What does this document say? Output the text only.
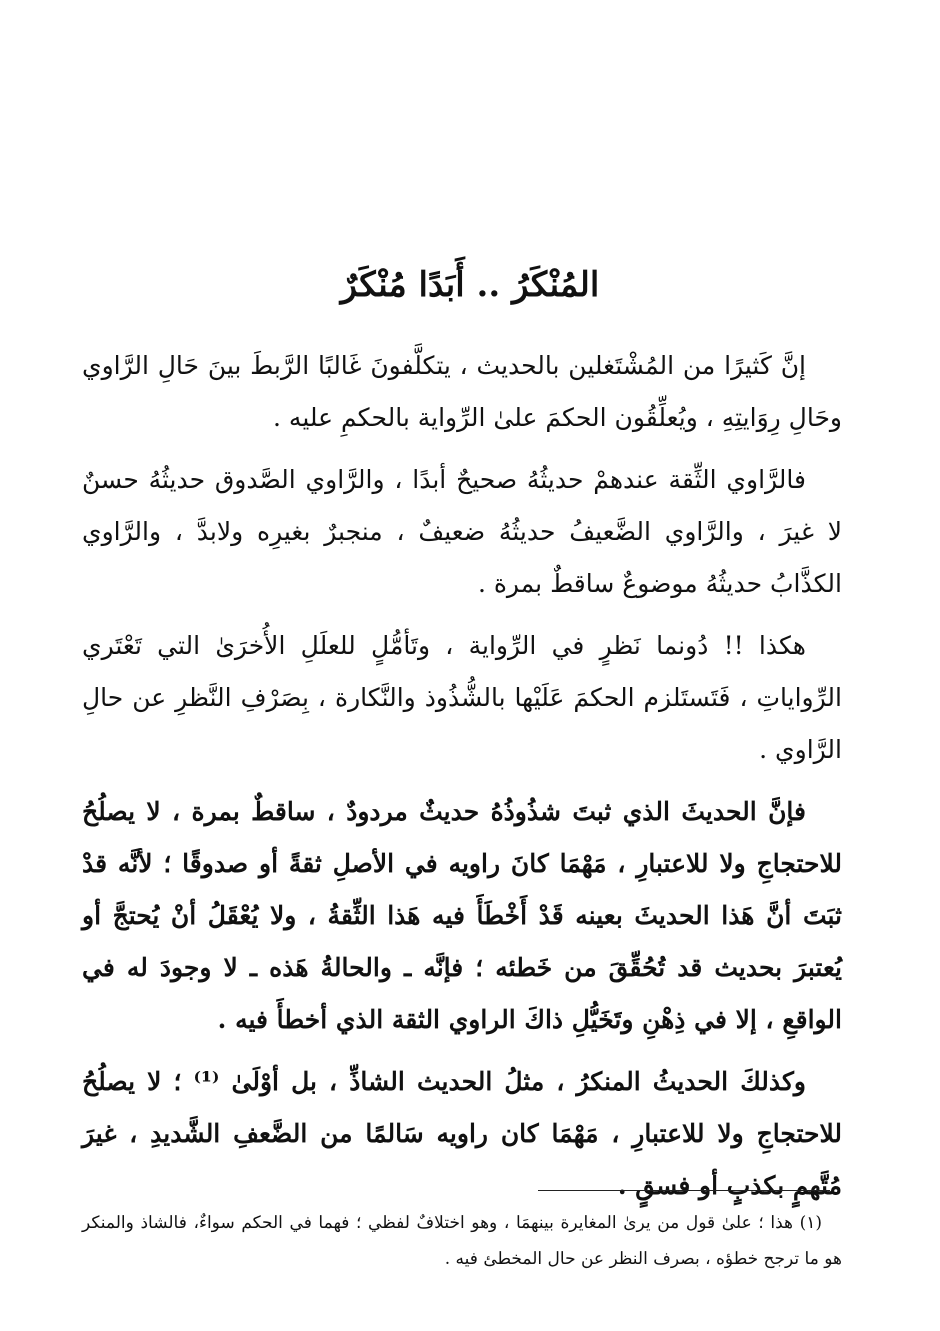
المُنْكَرُ .. أَبَدًا مُنْكَرٌ

إنَّ كَثيرًا من المُشْتَغلين بالحديث ، يتكلَّفونَ غَالبًا الرَّبطَ بينَ حَالِ الرَّاوي وحَالِ رِوَايتِهِ ، ويُعلِّقُون الحكمَ علىٰ الرِّواية بالحكمِ عليه .

فالرَّاوي الثِّقة عندهمْ حديثُهُ صحيحٌ أبدًا ، والرَّاوي الصَّدوق حديثُهُ حسنٌ لا غيرَ ، والرَّاوي الضَّعيفُ حديثُهُ ضعيفٌ ، منجبرٌ بغيرِه ولابدَّ ، والرَّاوي الكذَّابُ حديثُهُ موضوعٌ ساقطٌ بمرة .

هكذا !! دُونما نَظرٍ في الرِّواية ، وتَأمُّلٍ للعلَلِ الأُخرَىٰ التي تَعْتَري الرِّواياتِ ، فَتَستَلزم الحكمَ عَلَيْها بالشُّذُوذ والنَّكارة ، بِصَرْفِ النَّظرِ عن حالِ الرَّاوي .

فإنَّ الحديثَ الذي ثبتَ شذُوذُهُ حديثٌ مردودٌ ، ساقطٌ بمرة ، لا يصلُحُ للاحتجاجِ ولا للاعتبارِ ، مَهْمَا كانَ راويه في الأصلِ ثقةً أو صدوقًا ؛ لأنَّه قدْ ثبَتَ أنَّ هَذا الحديثَ بعينه قَدْ أَخْطَأَ فيه هَذا الثِّقةُ ، ولا يُعْقَلُ أنْ يُحتجَّ أو يُعتبرَ بحديث قد تُحُقِّقَ من خَطئه ؛ فإنَّه ـ والحالةُ هَذه ـ لا وجودَ له في الواقعِ ، إلا في ذِهْنِ وتَخَيُّلِ ذاكَ الراوي الثقة الذي أخطأَ فيه .

وكذلكَ الحديثُ المنكرُ ، مثلُ الحديث الشاذِّ ، بل أوْلَىٰ ⁽¹⁾ ؛ لا يصلُحُ للاحتجاجِ ولا للاعتبارِ ، مَهْمَا كان راويه سَالمًا من الضَّعفِ الشَّديدِ ، غيرَ مُتَّهمٍ بكذبٍ أو فسقٍ .

(١) هذا ؛ علىٰ قول من يرىٰ المغايرة بينهمَا ، وهو اختلافٌ لفظي ؛ فهما في الحكم سواءٌ، فالشاذ والمنكر هو ما ترجح خطؤه ، بصرف النظر عن حال المخطئ فيه .
